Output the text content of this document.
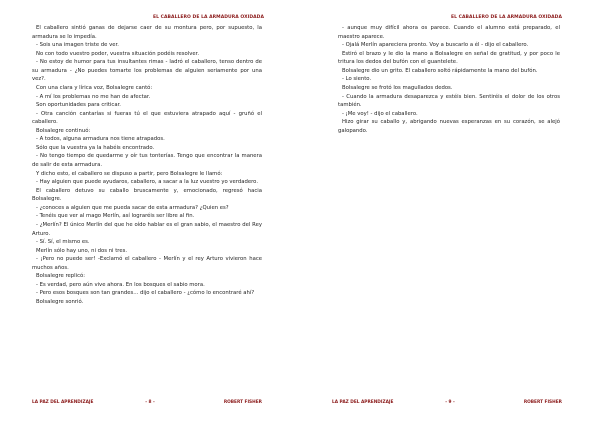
EL CABALLERO DE LA ARMADURA OXIDADA

El caballero sintió ganas de dejarse caer de su montura pero, por supuesto, la armadura se lo impedía.

- Sois una imagen triste de ver.

No con todo vuestro poder, vuestra situación podéis resolver.

- No estoy de humor para tus insultantes rimas - ladró el caballero, tenso dentro de su armadura - ¿No puedes tomarte los problemas de alguien seriamente por una vez?.

Con una clara y lírica voz, Bolsalegre cantó:

- A mí los problemas no me han de afectar.

Son oportunidades para criticar.

- Otra canción cantarías si fueras tú el que estuviera atrapado aquí - gruñó el caballero.

Bolsalegre continuó:

- A todos, alguna armadura nos tiene atrapados.

Sólo que la vuestra ya la habéis encontrado.

- No tengo tiempo de quedarme y oír tus tonterías. Tengo que encontrar la manera de salir de esta armadura.

Y dicho esto, el caballero se dispuso a partir, pero Bolsalegre le llamó:

- Hay alguien que puede ayudaros, caballero, a sacar a la luz vuestro yo verdadero.

El caballero detuvo su caballo bruscamente y, emocionado, regresó hacia Bolsalegre.

- ¿conoces a alguien que me pueda sacar de esta armadura? ¿Quien es?

- Tenéis que ver al mago Merlín, así lograréis ser libre al fin.

- ¿Merlín? El único Merlín del que he oído hablar es el gran sabio, el maestro del Rey Arturo.

- Sí. Sí, el mismo es.

Merlín sólo hay uno, ni dos ni tres.

- ¡Pero no puede ser! -Exclamó el caballero - Merlín y el rey Arturo vivieron hace muchos años.

Bolsalegre replicó:

- Es verdad, pero aún vive ahora. En los bosques el sabio mora.

- Pero esos bosques son tan grandes... dijo el caballero - ¿cómo lo encontraré ahí?

Bolsalegre sonrió.

LA PAZ DEL APRENDIZAJE	- 8 -	ROBERT FISHER
EL CABALLERO DE LA ARMADURA OXIDADA

- aunque muy difícil ahora os parece. Cuando el alumno está preparado, el maestro aparece.

- Ojalá Merlín apareciera pronto. Voy a buscarlo a él - dijo el caballero.

Estiró el brazo y le dio la mano a Bolsalegre en señal de gratitud, y por poco le tritura los dedos del bufón con el guantelete.

Bolsalegre dio un grito. El caballero soltó rápidamente la mano del bufón.

- Lo siento.

Bolsalegre se frotó los magullados dedos.

- Cuando la armadura desaparezca y estéis bien. Sentiréis el dolor de los otros también.

- ¡Me voy! - dijo el caballero.

Hizo girar su caballo y, abrigando nuevas esperanzas en su corazón, se alejó galopando.

LA PAZ DEL APRENDIZAJE	- 9 -	ROBERT FISHER
